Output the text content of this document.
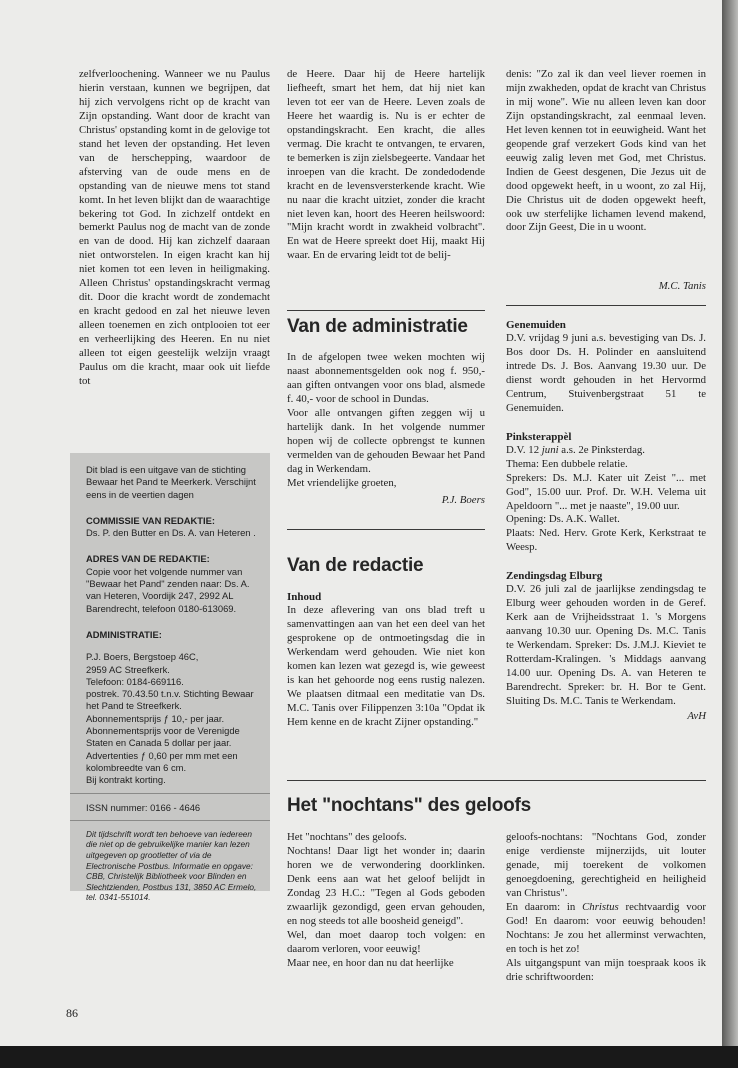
zelfverloochening. Wanneer we nu Paulus hierin verstaan, kunnen we begrijpen, dat hij zich vervolgens richt op de kracht van Zijn opstanding. Want door de kracht van Christus' opstanding komt in de gelovige tot stand het leven der opstanding. Het leven van de herschepping, waardoor de afsterving van de oude mens en de opstanding van de nieuwe mens tot stand komt. In het leven blijkt dan de waarachtige bekering tot God. In zichzelf ontdekt en bemerkt Paulus nog de macht van de zonde en van de dood. Hij kan zichzelf daaraan niet ontworstelen. In eigen kracht kan hij niet komen tot een leven in heiligmaking. Alleen Christus' opstandingskracht vermag dit. Door die kracht wordt de zondemacht en kracht gedood en zal het nieuwe leven alleen toenemen en zich ontplooien tot eer en verheerlijking des Heeren. En nu niet alleen tot eigen geestelijk welzijn vraagt Paulus om die kracht, maar ook uit liefde tot

Dit blad is een uitgave van de stichting Bewaar het Pand te Meerkerk. Verschijnt eens in de veertien dagen

COMMISSIE VAN REDAKTIE:

Ds. P. den Butter en Ds. A. van Heteren .

ADRES VAN DE REDAKTIE:

Copie voor het volgende nummer van "Bewaar het Pand" zenden naar: Ds. A. van Heteren, Voordijk 247, 2992 AL Barendrecht, telefoon 0180-613069.

ADMINISTRATIE:

P.J. Boers, Bergstoep 46C,

2959 AC Streefkerk.

Telefoon: 0184-669116.

postrek. 70.43.50 t.n.v. Stichting Bewaar het Pand te Streefkerk.

Abonnementsprijs ƒ 10,- per jaar. Abonnementsprijs voor de Verenigde Staten en Canada 5 dollar per jaar.

Advertenties ƒ 0,60 per mm met een kolombreedte van 6 cm.

Bij kontrakt korting.

ISSN nummer: 0166 - 4646

Dit tijdschrift wordt ten behoeve van iedereen die niet op de gebruikelijke manier kan lezen uitgegeven op grootletter of via de Electronische Postbus. Informatie en opgave: CBB, Christelijk Bibliotheek voor Blinden en Slechtzienden, Postbus 131, 3850 AC Ermelo, tel. 0341-551014.

de Heere. Daar hij de Heere hartelijk liefheeft, smart het hem, dat hij niet kan leven tot eer van de Heere. Leven zoals de Heere het waardig is. Nu is er echter de opstandingskracht. Een kracht, die alles vermag. Die kracht te ontvangen, te ervaren, te bemerken is zijn zielsbegeerte. Vandaar het inroepen van die kracht. De zondedodende kracht en de levensversterkende kracht. Wie nu naar die kracht uitziet, zonder die kracht niet leven kan, hoort des Heeren heilswoord: "Mijn kracht wordt in zwakheid volbracht". En wat de Heere spreekt doet Hij, maakt Hij waar. En de ervaring leidt tot de belij-

Van de administratie

In de afgelopen twee weken mochten wij naast abonnementsgelden ook nog f. 950,- aan giften ontvangen voor ons blad, alsmede f. 40,- voor de school in Dundas.

Voor alle ontvangen giften zeggen wij u hartelijk dank. In het volgende nummer hopen wij de collecte opbrengst te kunnen vermelden van de gehouden Bewaar het Pand dag in Werkendam.

Met vriendelijke groeten,

P.J. Boers

Van de redactie

Inhoud

In deze aflevering van ons blad treft u samenvattingen aan van het een deel van het gesprokene op de ontmoetingsdag die in Werkendam werd gehouden. Wie niet kon komen kan lezen wat gezegd is, wie geweest is kan het gehoorde nog eens rustig nalezen. We plaatsen ditmaal een meditatie van Ds. M.C. Tanis over Filippenzen 3:10a "Opdat ik Hem kenne en de kracht Zijner opstanding."

denis: "Zo zal ik dan veel liever roemen in mijn zwakheden, opdat de kracht van Christus in mij wone". Wie nu alleen leven kan door Zijn opstandingskracht, zal eenmaal leven. Het leven kennen tot in eeuwigheid. Want het geopende graf verzekert Gods kind van het eeuwig zalig leven met God, met Christus. Indien de Geest desgenen, Die Jezus uit de dood opgewekt heeft, in u woont, zo zal Hij, Die Christus uit de doden opgewekt heeft, ook uw sterfelijke lichamen levend makend, door Zijn Geest, Die in u woont.

M.C. Tanis

Genemuiden

D.V. vrijdag 9 juni a.s. bevestiging van Ds. J. Bos door Ds. H. Polinder en aansluitend intrede Ds. J. Bos. Aanvang 19.30 uur. De dienst wordt gehouden in het Hervormd Centrum, Stuivenbergstraat 51 te Genemuiden.

Pinksterappèl

D.V. 12 juni a.s. 2e Pinksterdag.

Thema: Een dubbele relatie.

Sprekers: Ds. M.J. Kater uit Zeist "... met God", 15.00 uur. Prof. Dr. W.H. Velema uit Apeldoorn "... met je naaste", 19.00 uur.

Opening: Ds. A.K. Wallet.

Plaats: Ned. Herv. Grote Kerk, Kerkstraat te Weesp.

Zendingsdag Elburg

D.V. 26 juli zal de jaarlijkse zendingsdag te Elburg weer gehouden worden in de Geref. Kerk aan de Vrijheidsstraat 1. 's Morgens aanvang 10.30 uur. Opening Ds. M.C. Tanis te Werkendam. Spreker: Ds. J.M.J. Kieviet te Rotterdam-Kralingen. 's Middags aanvang 14.00 uur. Opening Ds. A. van Heteren te Barendrecht. Spreker: br. H. Bor te Gent. Sluiting Ds. M.C. Tanis te Werkendam.

AvH

Het "nochtans" des geloofs

Het "nochtans" des geloofs.

Nochtans! Daar ligt het wonder in; daarin horen we de verwondering doorklinken. Denk eens aan wat het geloof belijdt in Zondag 23 H.C.: "Tegen al Gods geboden zwaarlijk gezondigd, geen ervan gehouden, en nog steeds tot alle boosheid geneigd".

Wel, dan moet daarop toch volgen: en daarom verloren, voor eeuwig!

Maar nee, en hoor dan nu dat heerlijke

geloofs-nochtans: "Nochtans God, zonder enige verdienste mijnerzijds, uit louter genade, mij toerekent de volkomen genoegdoening, gerechtigheid en heiligheid van Christus".

En daarom: in Christus rechtvaardig voor God! En daarom: voor eeuwig behouden! Nochtans: Je zou het allerminst verwachten, en toch is het zo!

Als uitgangspunt van mijn toespraak koos ik drie schriftwoorden:

86
